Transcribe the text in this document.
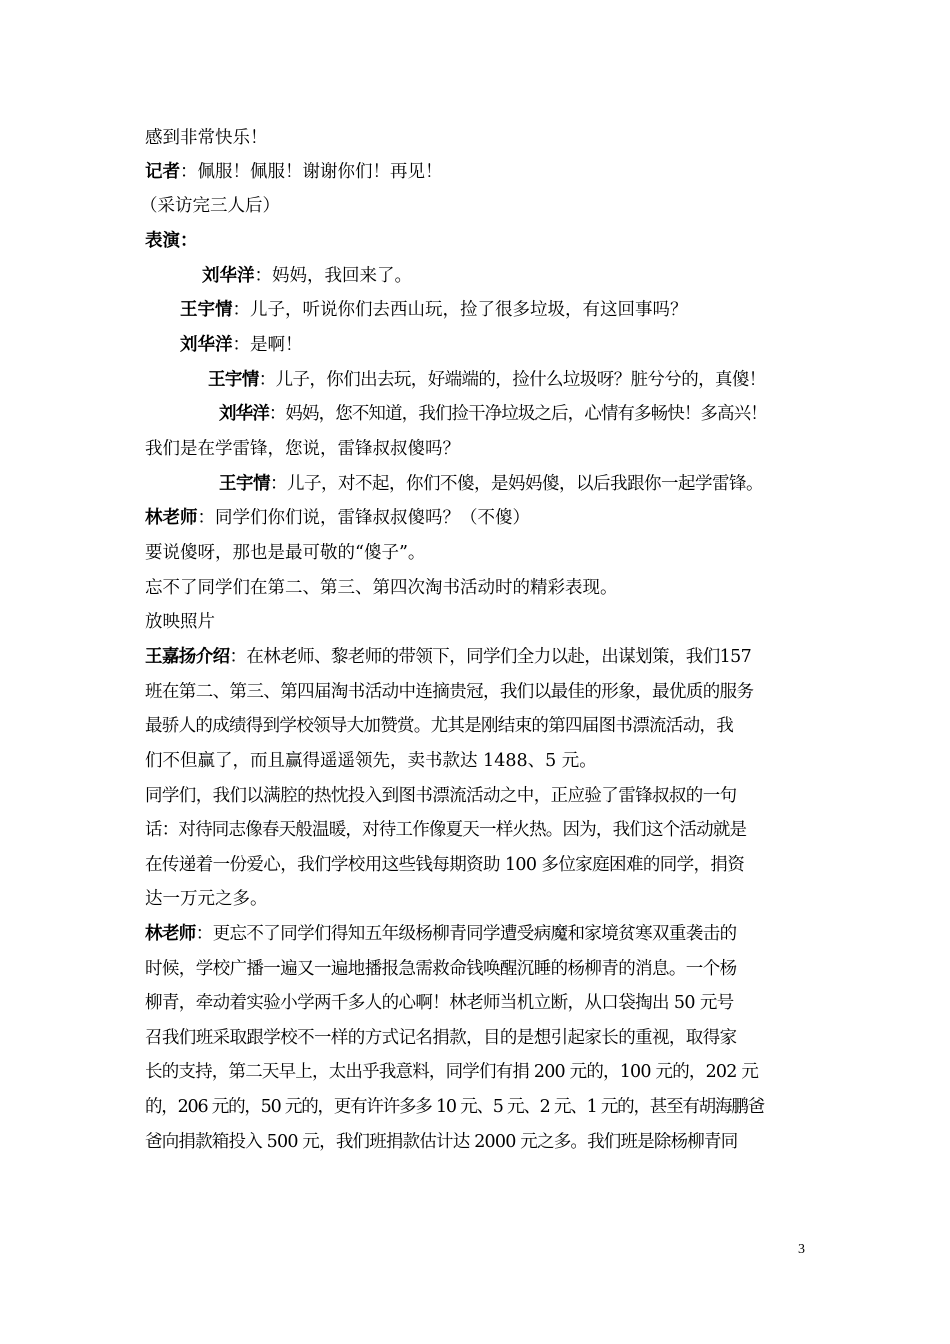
感到非常快乐！
记者：佩服！佩服！谢谢你们！再见！
（采访完三人后）
表演：
刘华洋：妈妈，我回来了。
王宇情：儿子，听说你们去西山玩，捡了很多垃圾，有这回事吗？
刘华洋：是啊！
王宇情：儿子，你们出去玩，好端端的，捡什么垃圾呀？脏兮兮的，真傻！
刘华洋：妈妈，您不知道，我们捡干净垃圾之后，心情有多畅快！多高兴！
我们是在学雷锋，您说，雷锋叔叔傻吗？
王宇情：儿子，对不起，你们不傻，是妈妈傻，以后我跟你一起学雷锋。
林老师：同学们你们说，雷锋叔叔傻吗？（不傻）
要说傻呀，那也是最可敬的“傻子”。
忘不了同学们在第二、第三、第四次淘书活动时的精彩表现。
放映照片
王嘉扬介绍：在林老师、黎老师的带领下，同学们全力以赴，出谋划策，我们157
班在第二、第三、第四届淘书活动中连摘贵冠，我们以最佳的形象，最优质的服务
最骄人的成绩得到学校领导大加赞赏。尤其是刚结束的第四届图书漂流活动，我
们不但赢了，而且赢得遥遥领先，卖书款达 1488、5 元。
同学们，我们以满腔的热忱投入到图书漂流活动之中，正应验了雷锋叔叔的一句
话：对待同志像春天般温暖，对待工作像夏天一样火热。因为，我们这个活动就是
在传递着一份爱心，我们学校用这些钱每期资助 100 多位家庭困难的同学，捐资
达一万元之多。
林老师：更忘不了同学们得知五年级杨柳青同学遭受病魔和家境贫寒双重袭击的
时候，学校广播一遍又一遍地播报急需救命钱唤醒沉睡的杨柳青的消息。一个杨
柳青，牵动着实验小学两千多人的心啊！林老师当机立断，从口袋掏出 50 元号
召我们班采取跟学校不一样的方式记名捐款，目的是想引起家长的重视，取得家
长的支持，第二天早上，太出乎我意料，同学们有捐 200 元的，100 元的，202 元
的，206 元的，50 元的，更有许许多多 10 元、5 元、2 元、1 元的，甚至有胡海鹏爸
爸向捐款箱投入 500 元，我们班捐款估计达 2000 元之多。我们班是除杨柳青同
3
